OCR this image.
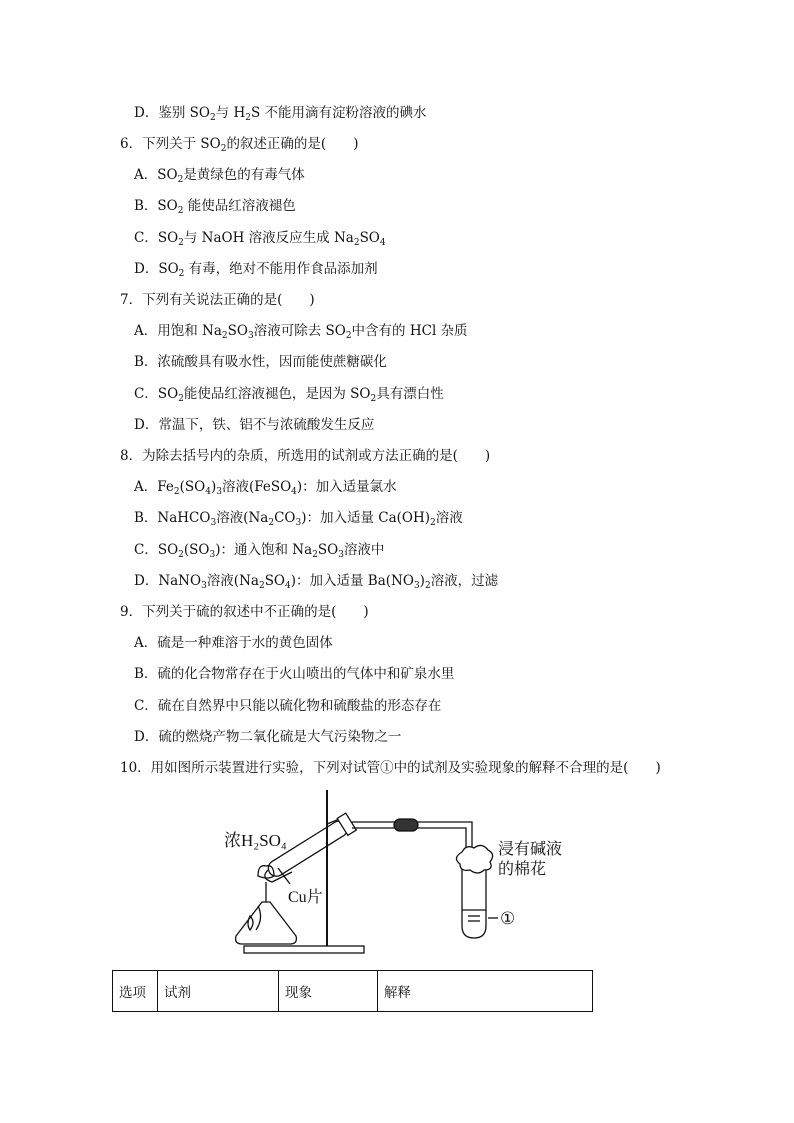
D．鉴别 $SO_2$与 $H_2S$ 不能用滴有淀粉溶液的碘水
6．下列关于 $SO_2$的叙述正确的是(　　)
A．$SO_2$是黄绿色的有毒气体
B．$SO_2$ 能使品红溶液褪色
C．$SO_2$与 NaOH 溶液反应生成 $Na_2SO_4$
D．$SO_2$ 有毒，绝对不能用作食品添加剂
7．下列有关说法正确的是(　　)
A．用饱和 $Na_2SO_3$溶液可除去 $SO_2$中含有的 HCl 杂质
B．浓硫酸具有吸水性，因而能使蔗糖碳化
C．$SO_2$能使品红溶液褪色，是因为 $SO_2$具有漂白性
D．常温下，铁、铝不与浓硫酸发生反应
8．为除去括号内的杂质，所选用的试剂或方法正确的是(　　)
A．$Fe_2(SO_4)_3$溶液(FeSO$_4$)：加入适量氯水
B．NaHCO$_3$溶液$(Na_2CO_3)$：加入适量 $Ca(OH)_2$溶液
C．$SO_2(SO_3)$：通入饱和 $Na_2SO_3$溶液中
D．NaNO$_3$溶液$(Na_2SO_4)$：加入适量 $Ba(NO_3)_2$溶液，过滤
9．下列关于硫的叙述中不正确的是(　　)
A．硫是一种难溶于水的黄色固体
B．硫的化合物常存在于火山喷出的气体中和矿泉水里
C．硫在自然界中只能以硫化物和硫酸盐的形态存在
D．硫的燃烧产物二氧化硫是大气污染物之一
10．用如图所示装置进行实验，下列对试管①中的试剂及实验现象的解释不合理的是(　　)
浓H₂SO₄
Cu片
浸有碱液
的棉花
①
选项	试剂	现象	解释
